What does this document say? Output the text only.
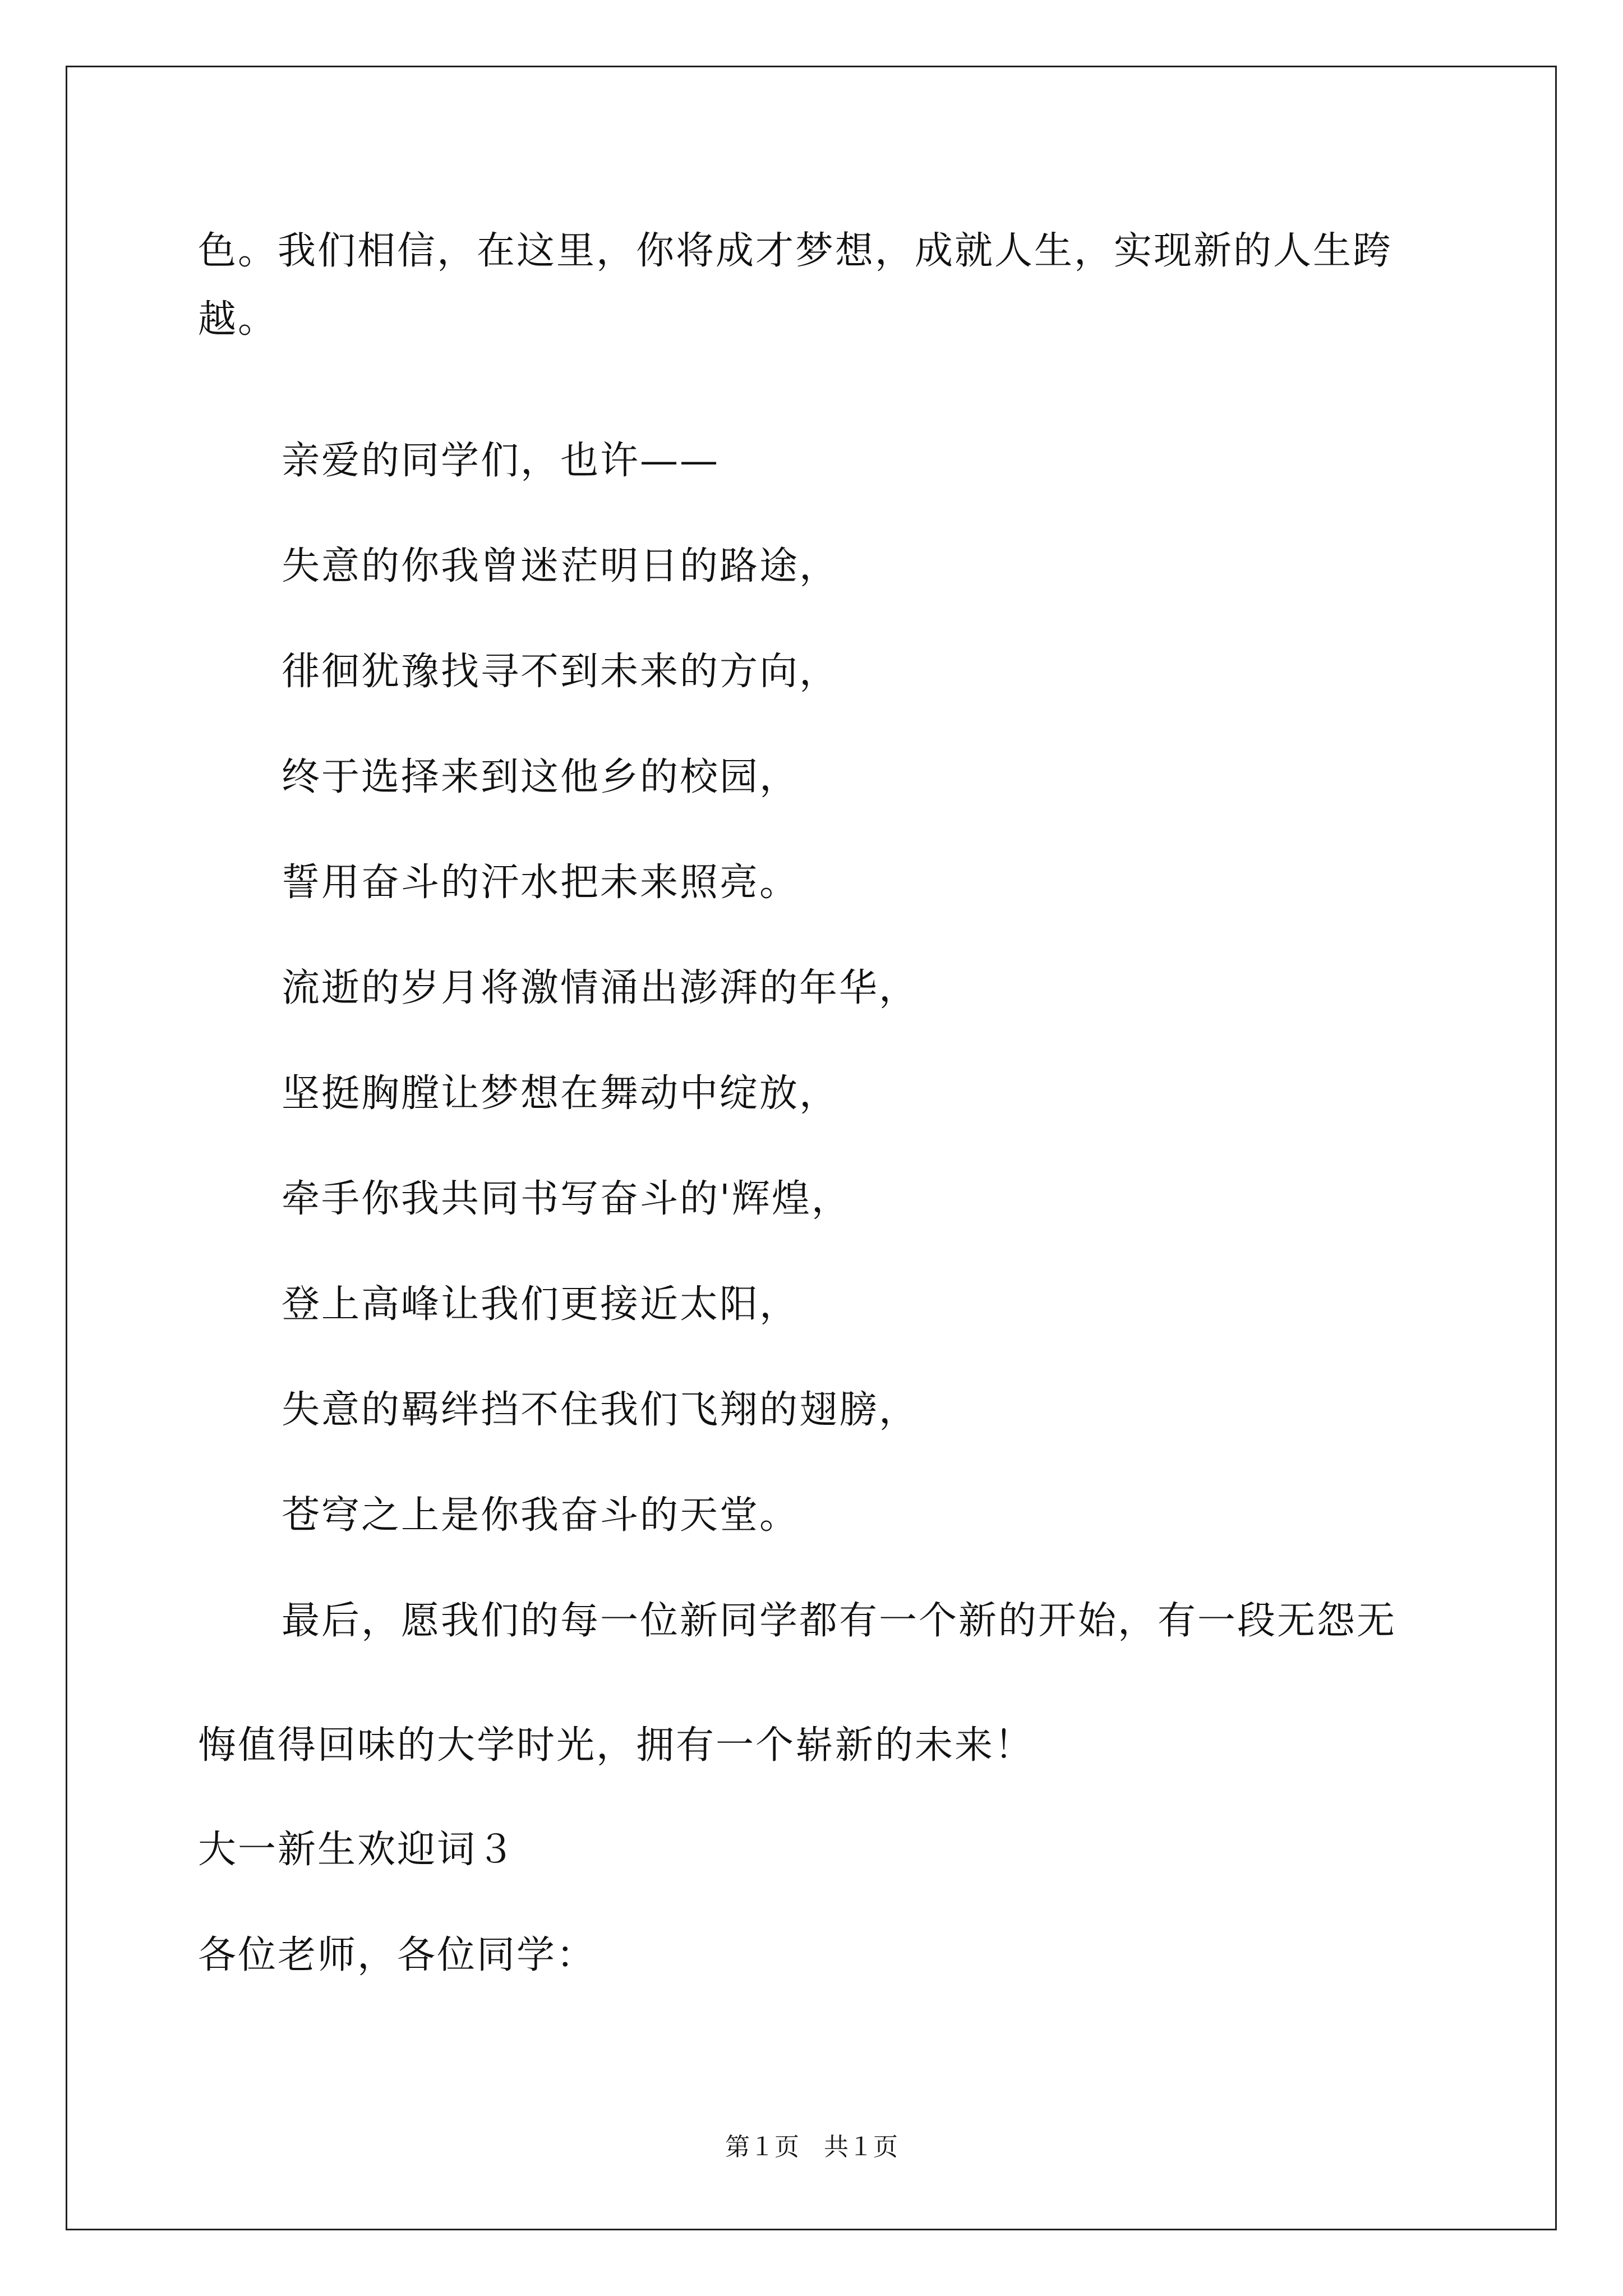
色。我们相信，在这里，你将成才梦想，成就人生，实现新的人生跨
越。
亲爱的同学们，也许——
失意的你我曾迷茫明日的路途，
徘徊犹豫找寻不到未来的方向，
终于选择来到这他乡的校园，
誓用奋斗的汗水把未来照亮。
流逝的岁月将激情涌出澎湃的年华，
坚挺胸膛让梦想在舞动中绽放，
牵手你我共同书写奋斗的'辉煌，
登上高峰让我们更接近太阳，
失意的羁绊挡不住我们飞翔的翅膀，
苍穹之上是你我奋斗的天堂。
最后，愿我们的每一位新同学都有一个新的开始，有一段无怨无
悔值得回味的大学时光，拥有一个崭新的未来！
大一新生欢迎词３
各位老师，各位同学：
第１页　共１页
